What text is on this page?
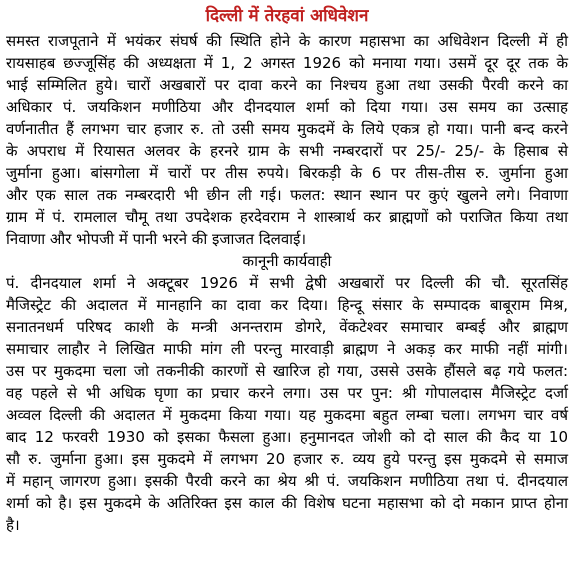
दिल्ली में तेरहवां अधिवेशन
समस्त राजपूताने में भयंकर संघर्ष की स्थिति होने के कारण महासभा का अधिवेशन दिल्ली में ही
रायसाहब छज्जूसिंह की अध्यक्षता में 1, 2 अगस्त 1926 को मनाया गया। उसमें दूर दूर तक के
भाई सम्मिलित हुये। चारों अखबारों पर दावा करने का निश्चय हुआ तथा उसकी पैरवी करने का
अधिकार पं. जयकिशन मणीठिया और दीनदयाल शर्मा को दिया गया। उस समय का उत्साह
वर्णनातीत हैं लगभग चार हजार रु. तो उसी समय मुकदमें के लिये एकत्र हो गया। पानी बन्द करने
के अपराध में रियासत अलवर के हरनरे ग्राम के सभी नम्बरदारों पर 25/- 25/- के हिसाब से
जुर्माना हुआ। बांसगोला में चारों पर तीस रुपये। बिरकड़ी के 6 पर तीस-तीस रु. जुर्माना हुआ
और एक साल तक नम्बरदारी भी छीन ली गई। फलत: स्थान स्थान पर कुएं खुलने लगे। निवाणा
ग्राम में पं. रामलाल चौमू तथा उपदेशक हरदेवराम ने शास्त्रार्थ कर ब्राह्मणों को पराजित किया तथा
निवाणा और भोपजी में पानी भरने की इजाजत दिलवाई।
कानूनी कार्यवाही
पं. दीनदयाल शर्मा ने अक्टूबर 1926 में सभी द्वेषी अखबारों पर दिल्ली की चौ. सूरतसिंह
मैजिस्ट्रेट की अदालत में मानहानि का दावा कर दिया। हिन्दू संसार के सम्पादक बाबूराम मिश्र,
सनातनधर्म परिषद काशी के मन्त्री अनन्तराम डोगरे, वेंकटेश्वर समाचार बम्बई और ब्राह्मण
समाचार लाहौर ने लिखित माफी मांग ली परन्तु मारवाड़ी ब्राह्मण ने अकड़ कर माफी नहीं मांगी।
उस पर मुकदमा चला जो तकनीकी कारणों से खारिज हो गया, उससे उसके हौंसले बढ़ गये फलत:
वह पहले से भी अधिक घृणा का प्रचार करने लगा। उस पर पुन: श्री गोपालदास मैजिस्ट्रेट दर्जा
अव्वल दिल्ली की अदालत में मुकदमा किया गया। यह मुकदमा बहुत लम्बा चला। लगभग चार वर्ष
बाद 12 फरवरी 1930 को इसका फैसला हुआ। हनुमानदत जोशी को दो साल की कैद या 10
सौ रु. जुर्माना हुआ। इस मुकदमे में लगभग 20 हजार रु. व्यय हुये परन्तु इस मुकदमे से समाज
में महान् जागरण हुआ। इसकी पैरवी करने का श्रेय श्री पं. जयकिशन मणीठिया तथा पं. दीनदयाल
शर्मा को है। इस मुकदमे के अतिरिक्त इस काल की विशेष घटना महासभा को दो मकान प्राप्त होना
है।
